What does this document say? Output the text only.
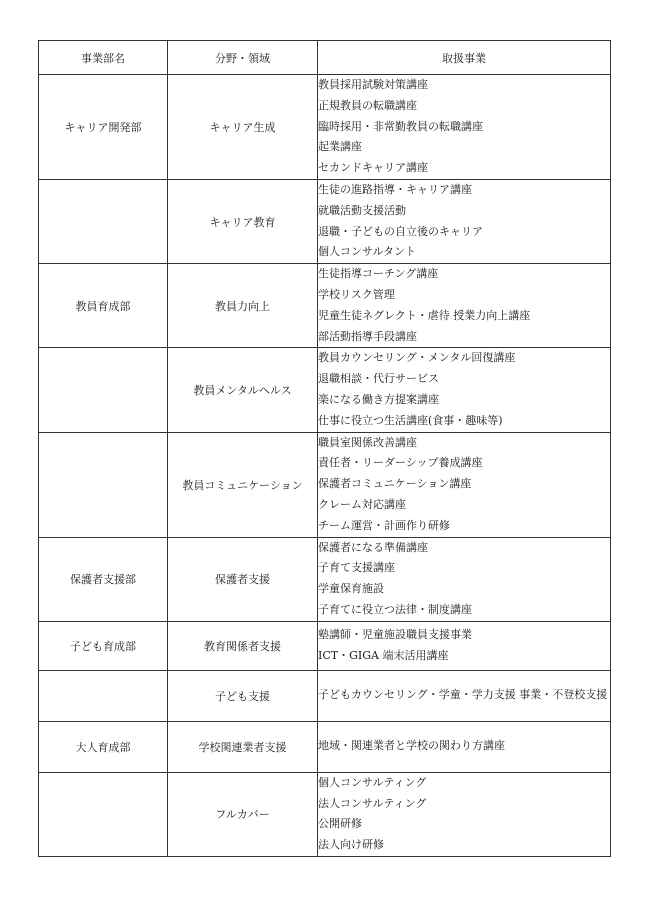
事業部名	分野・領域	取扱事業
キャリア開発部	キャリア生成	教員採用試験対策講座
正規教員の転職講座
臨時採用・非常勤教員の転職講座
起業講座
セカンドキャリア講座

	キャリア教育	生徒の進路指導・キャリア講座
就職活動支援活動
退職・子どもの自立後のキャリア
個人コンサルタント

教員育成部	教員力向上	生徒指導コーチング講座
学校リスク管理
児童生徒ネグレクト・虐待 授業力向上講座
部活動指導手段講座

	教員メンタルヘルス	教員カウンセリング・メンタル回復講座
退職相談・代行サービス
楽になる働き方提案講座
仕事に役立つ生活講座(食事・趣味等)

	教員コミュニケーション	職員室関係改善講座
責任者・リーダーシップ養成講座
保護者コミュニケーション講座
クレーム対応講座
チーム運営・計画作り研修

保護者支援部	保護者支援	保護者になる準備講座
子育て支援講座
学童保育施設
子育てに役立つ法律・制度講座

子ども育成部	教育関係者支援	塾講師・児童施設職員支援事業
ICT・GIGA 端末活用講座

	子ども支援	子どもカウンセリング・学童・学力支援 事業・不登校支援

大人育成部	学校関連業者支援	地域・関連業者と学校の関わり方講座

	フルカバー	個人コンサルティング
法人コンサルティング
公開研修
法人向け研修
